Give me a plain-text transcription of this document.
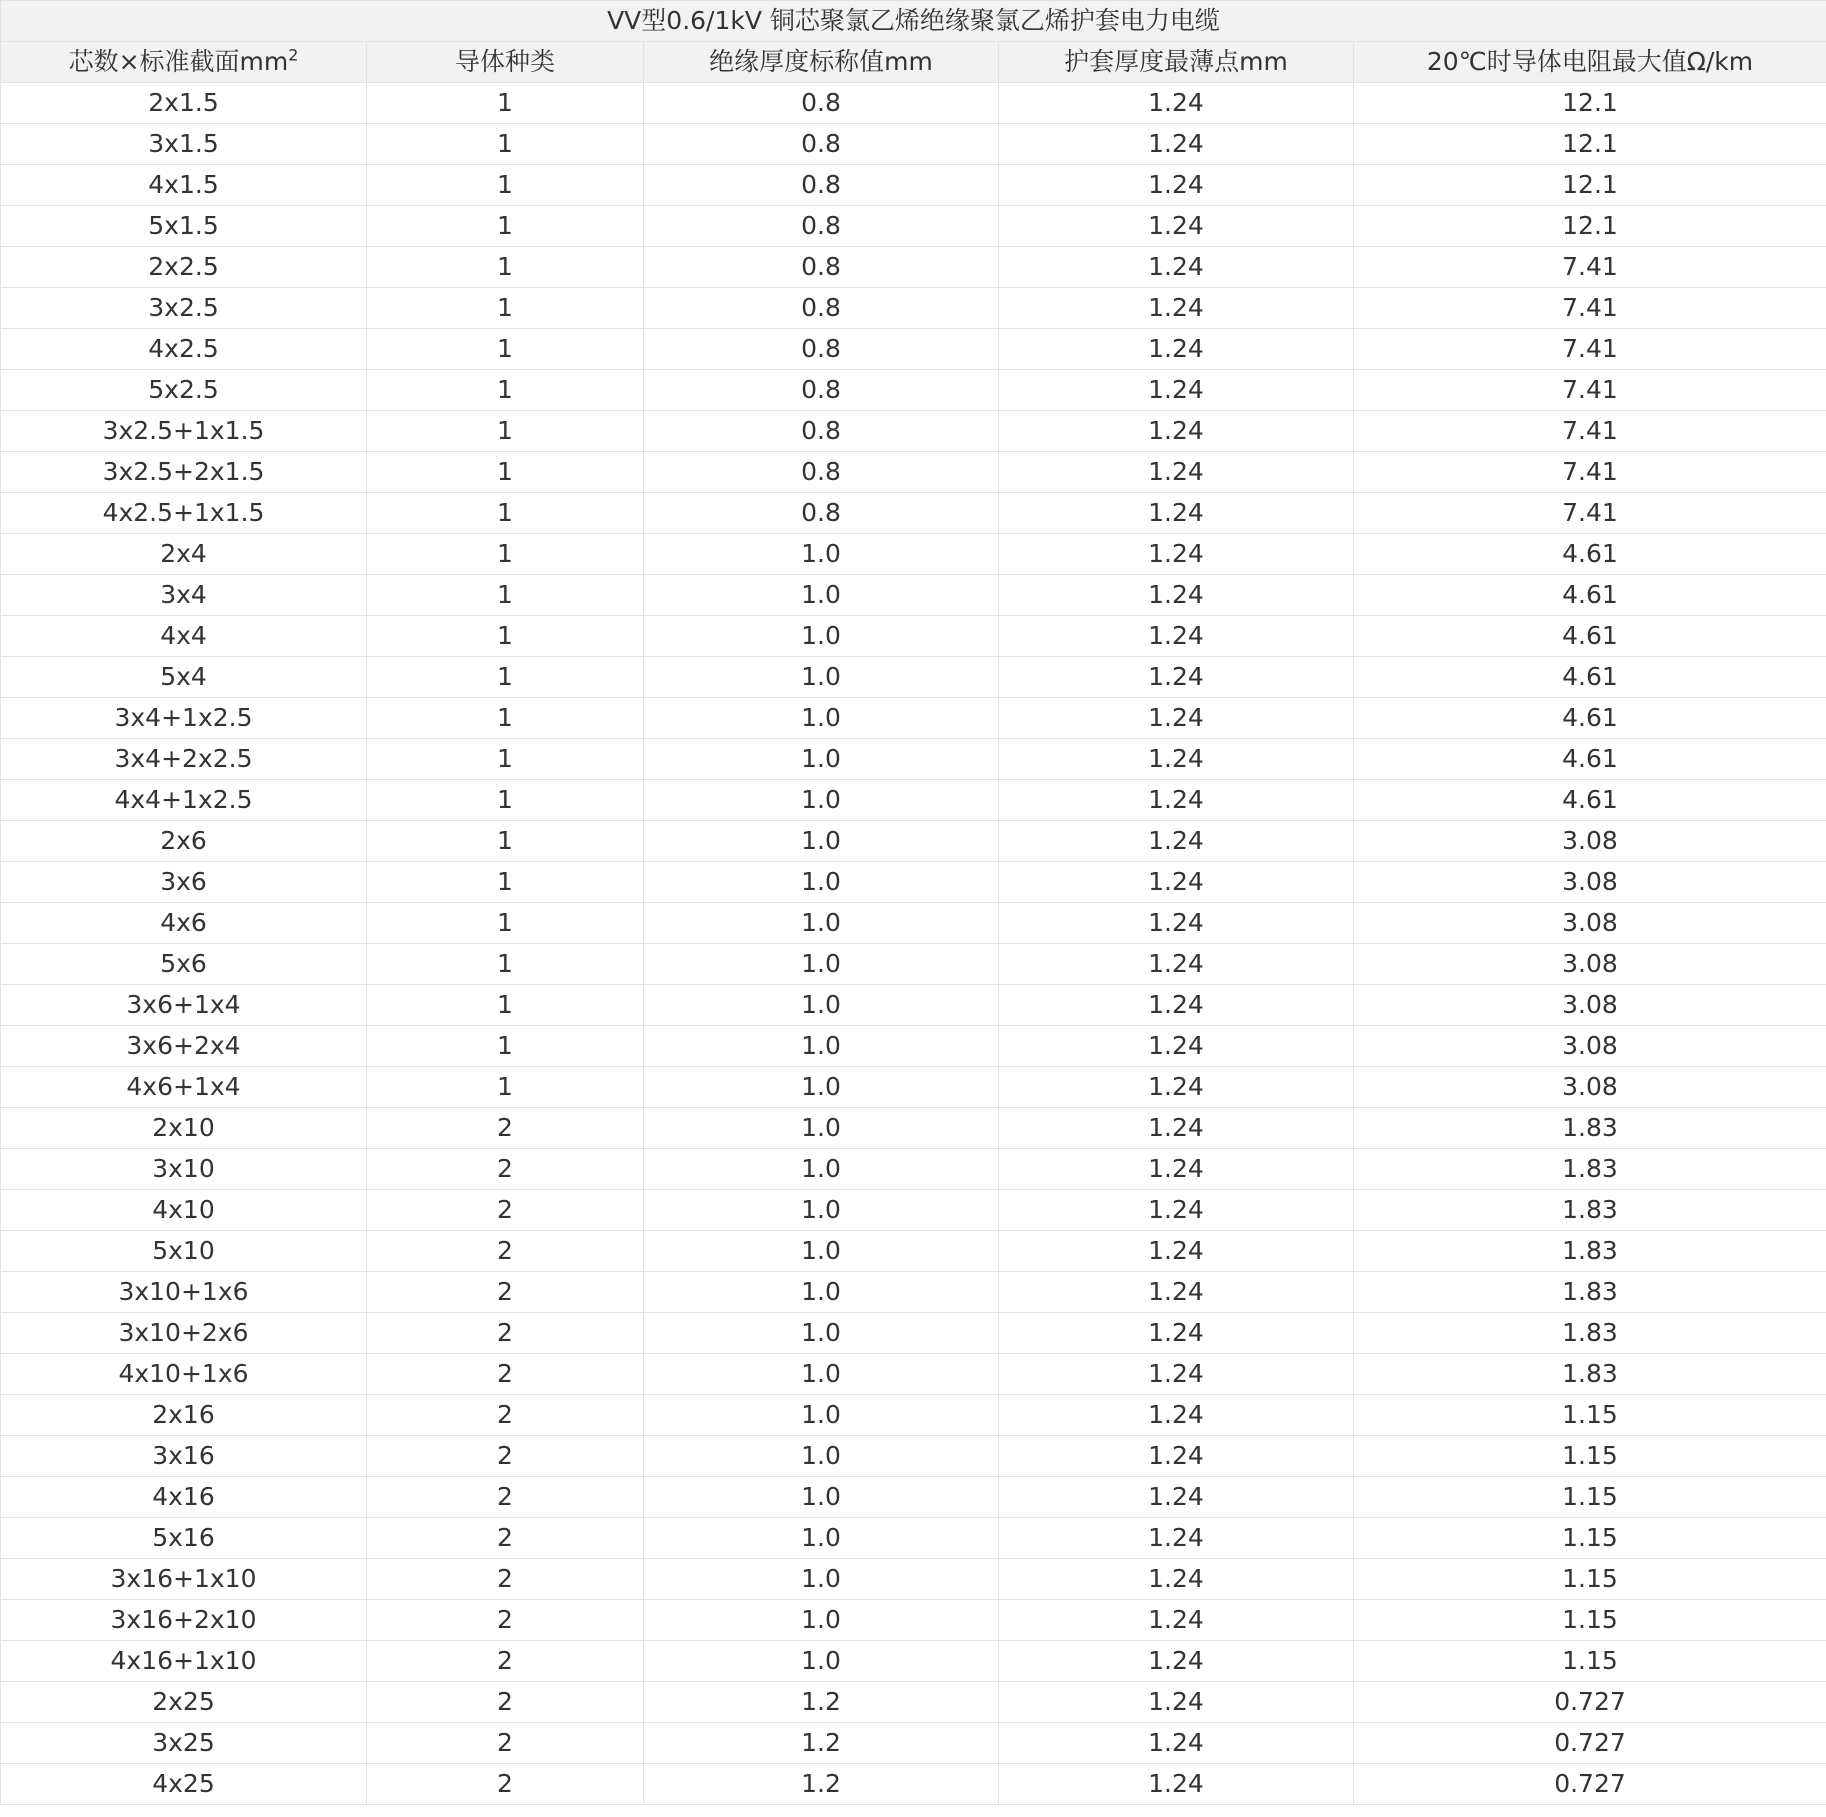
VV型0.6/1kV 铜芯聚氯乙烯绝缘聚氯乙烯护套电力电缆				
芯数×标准截面$mm^2$	导体种类	绝缘厚度标称值mm	护套厚度最薄点mm	20℃时导体电阻最大值Ω/km
2x1.5	1	0.8	1.24	12.1
3x1.5	1	0.8	1.24	12.1
4x1.5	1	0.8	1.24	12.1
5x1.5	1	0.8	1.24	12.1
2x2.5	1	0.8	1.24	7.41
3x2.5	1	0.8	1.24	7.41
4x2.5	1	0.8	1.24	7.41
5x2.5	1	0.8	1.24	7.41
3x2.5+1x1.5	1	0.8	1.24	7.41
3x2.5+2x1.5	1	0.8	1.24	7.41
4x2.5+1x1.5	1	0.8	1.24	7.41
2x4	1	1.0	1.24	4.61
3x4	1	1.0	1.24	4.61
4x4	1	1.0	1.24	4.61
5x4	1	1.0	1.24	4.61
3x4+1x2.5	1	1.0	1.24	4.61
3x4+2x2.5	1	1.0	1.24	4.61
4x4+1x2.5	1	1.0	1.24	4.61
2x6	1	1.0	1.24	3.08
3x6	1	1.0	1.24	3.08
4x6	1	1.0	1.24	3.08
5x6	1	1.0	1.24	3.08
3x6+1x4	1	1.0	1.24	3.08
3x6+2x4	1	1.0	1.24	3.08
4x6+1x4	1	1.0	1.24	3.08
2x10	2	1.0	1.24	1.83
3x10	2	1.0	1.24	1.83
4x10	2	1.0	1.24	1.83
5x10	2	1.0	1.24	1.83
3x10+1x6	2	1.0	1.24	1.83
3x10+2x6	2	1.0	1.24	1.83
4x10+1x6	2	1.0	1.24	1.83
2x16	2	1.0	1.24	1.15
3x16	2	1.0	1.24	1.15
4x16	2	1.0	1.24	1.15
5x16	2	1.0	1.24	1.15
3x16+1x10	2	1.0	1.24	1.15
3x16+2x10	2	1.0	1.24	1.15
4x16+1x10	2	1.0	1.24	1.15
2x25	2	1.2	1.24	0.727
3x25	2	1.2	1.24	0.727
4x25	2	1.2	1.24	0.727
